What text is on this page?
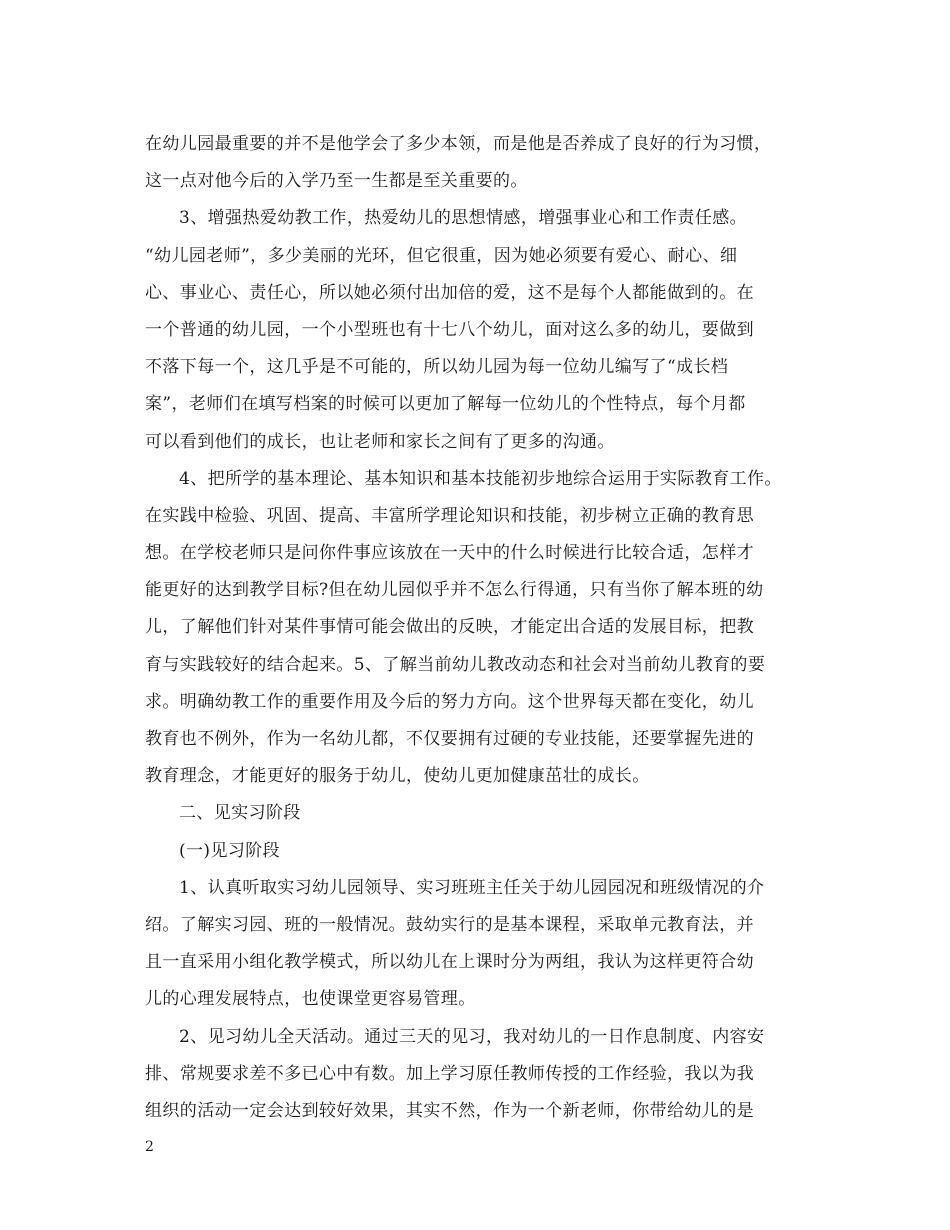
在幼儿园最重要的并不是他学会了多少本领，而是他是否养成了良好的行为习惯，
这一点对他今后的入学乃至一生都是至关重要的。
3、增强热爱幼教工作，热爱幼儿的思想情感，增强事业心和工作责任感。
“幼儿园老师”，多少美丽的光环，但它很重，因为她必须要有爱心、耐心、细
心、事业心、责任心，所以她必须付出加倍的爱，这不是每个人都能做到的。在
一个普通的幼儿园，一个小型班也有十七八个幼儿，面对这么多的幼儿，要做到
不落下每一个，这几乎是不可能的，所以幼儿园为每一位幼儿编写了“成长档
案”，老师们在填写档案的时候可以更加了解每一位幼儿的个性特点，每个月都
可以看到他们的成长，也让老师和家长之间有了更多的沟通。
4、把所学的基本理论、基本知识和基本技能初步地综合运用于实际教育工作。
在实践中检验、巩固、提高、丰富所学理论知识和技能，初步树立正确的教育思
想。在学校老师只是问你件事应该放在一天中的什么时候进行比较合适，怎样才
能更好的达到教学目标?但在幼儿园似乎并不怎么行得通，只有当你了解本班的幼
儿，了解他们针对某件事情可能会做出的反映，才能定出合适的发展目标，把教
育与实践较好的结合起来。5、了解当前幼儿教改动态和社会对当前幼儿教育的要
求。明确幼教工作的重要作用及今后的努力方向。这个世界每天都在变化，幼儿
教育也不例外，作为一名幼儿都，不仅要拥有过硬的专业技能，还要掌握先进的
教育理念，才能更好的服务于幼儿，使幼儿更加健康茁壮的成长。
二、见实习阶段
(一)见习阶段
1、认真听取实习幼儿园领导、实习班班主任关于幼儿园园况和班级情况的介
绍。了解实习园、班的一般情况。鼓幼实行的是基本课程，采取单元教育法，并
且一直采用小组化教学模式，所以幼儿在上课时分为两组，我认为这样更符合幼
儿的心理发展特点，也使课堂更容易管理。
2、见习幼儿全天活动。通过三天的见习，我对幼儿的一日作息制度、内容安
排、常规要求差不多已心中有数。加上学习原任教师传授的工作经验，我以为我
组织的活动一定会达到较好效果，其实不然，作为一个新老师，你带给幼儿的是
2
